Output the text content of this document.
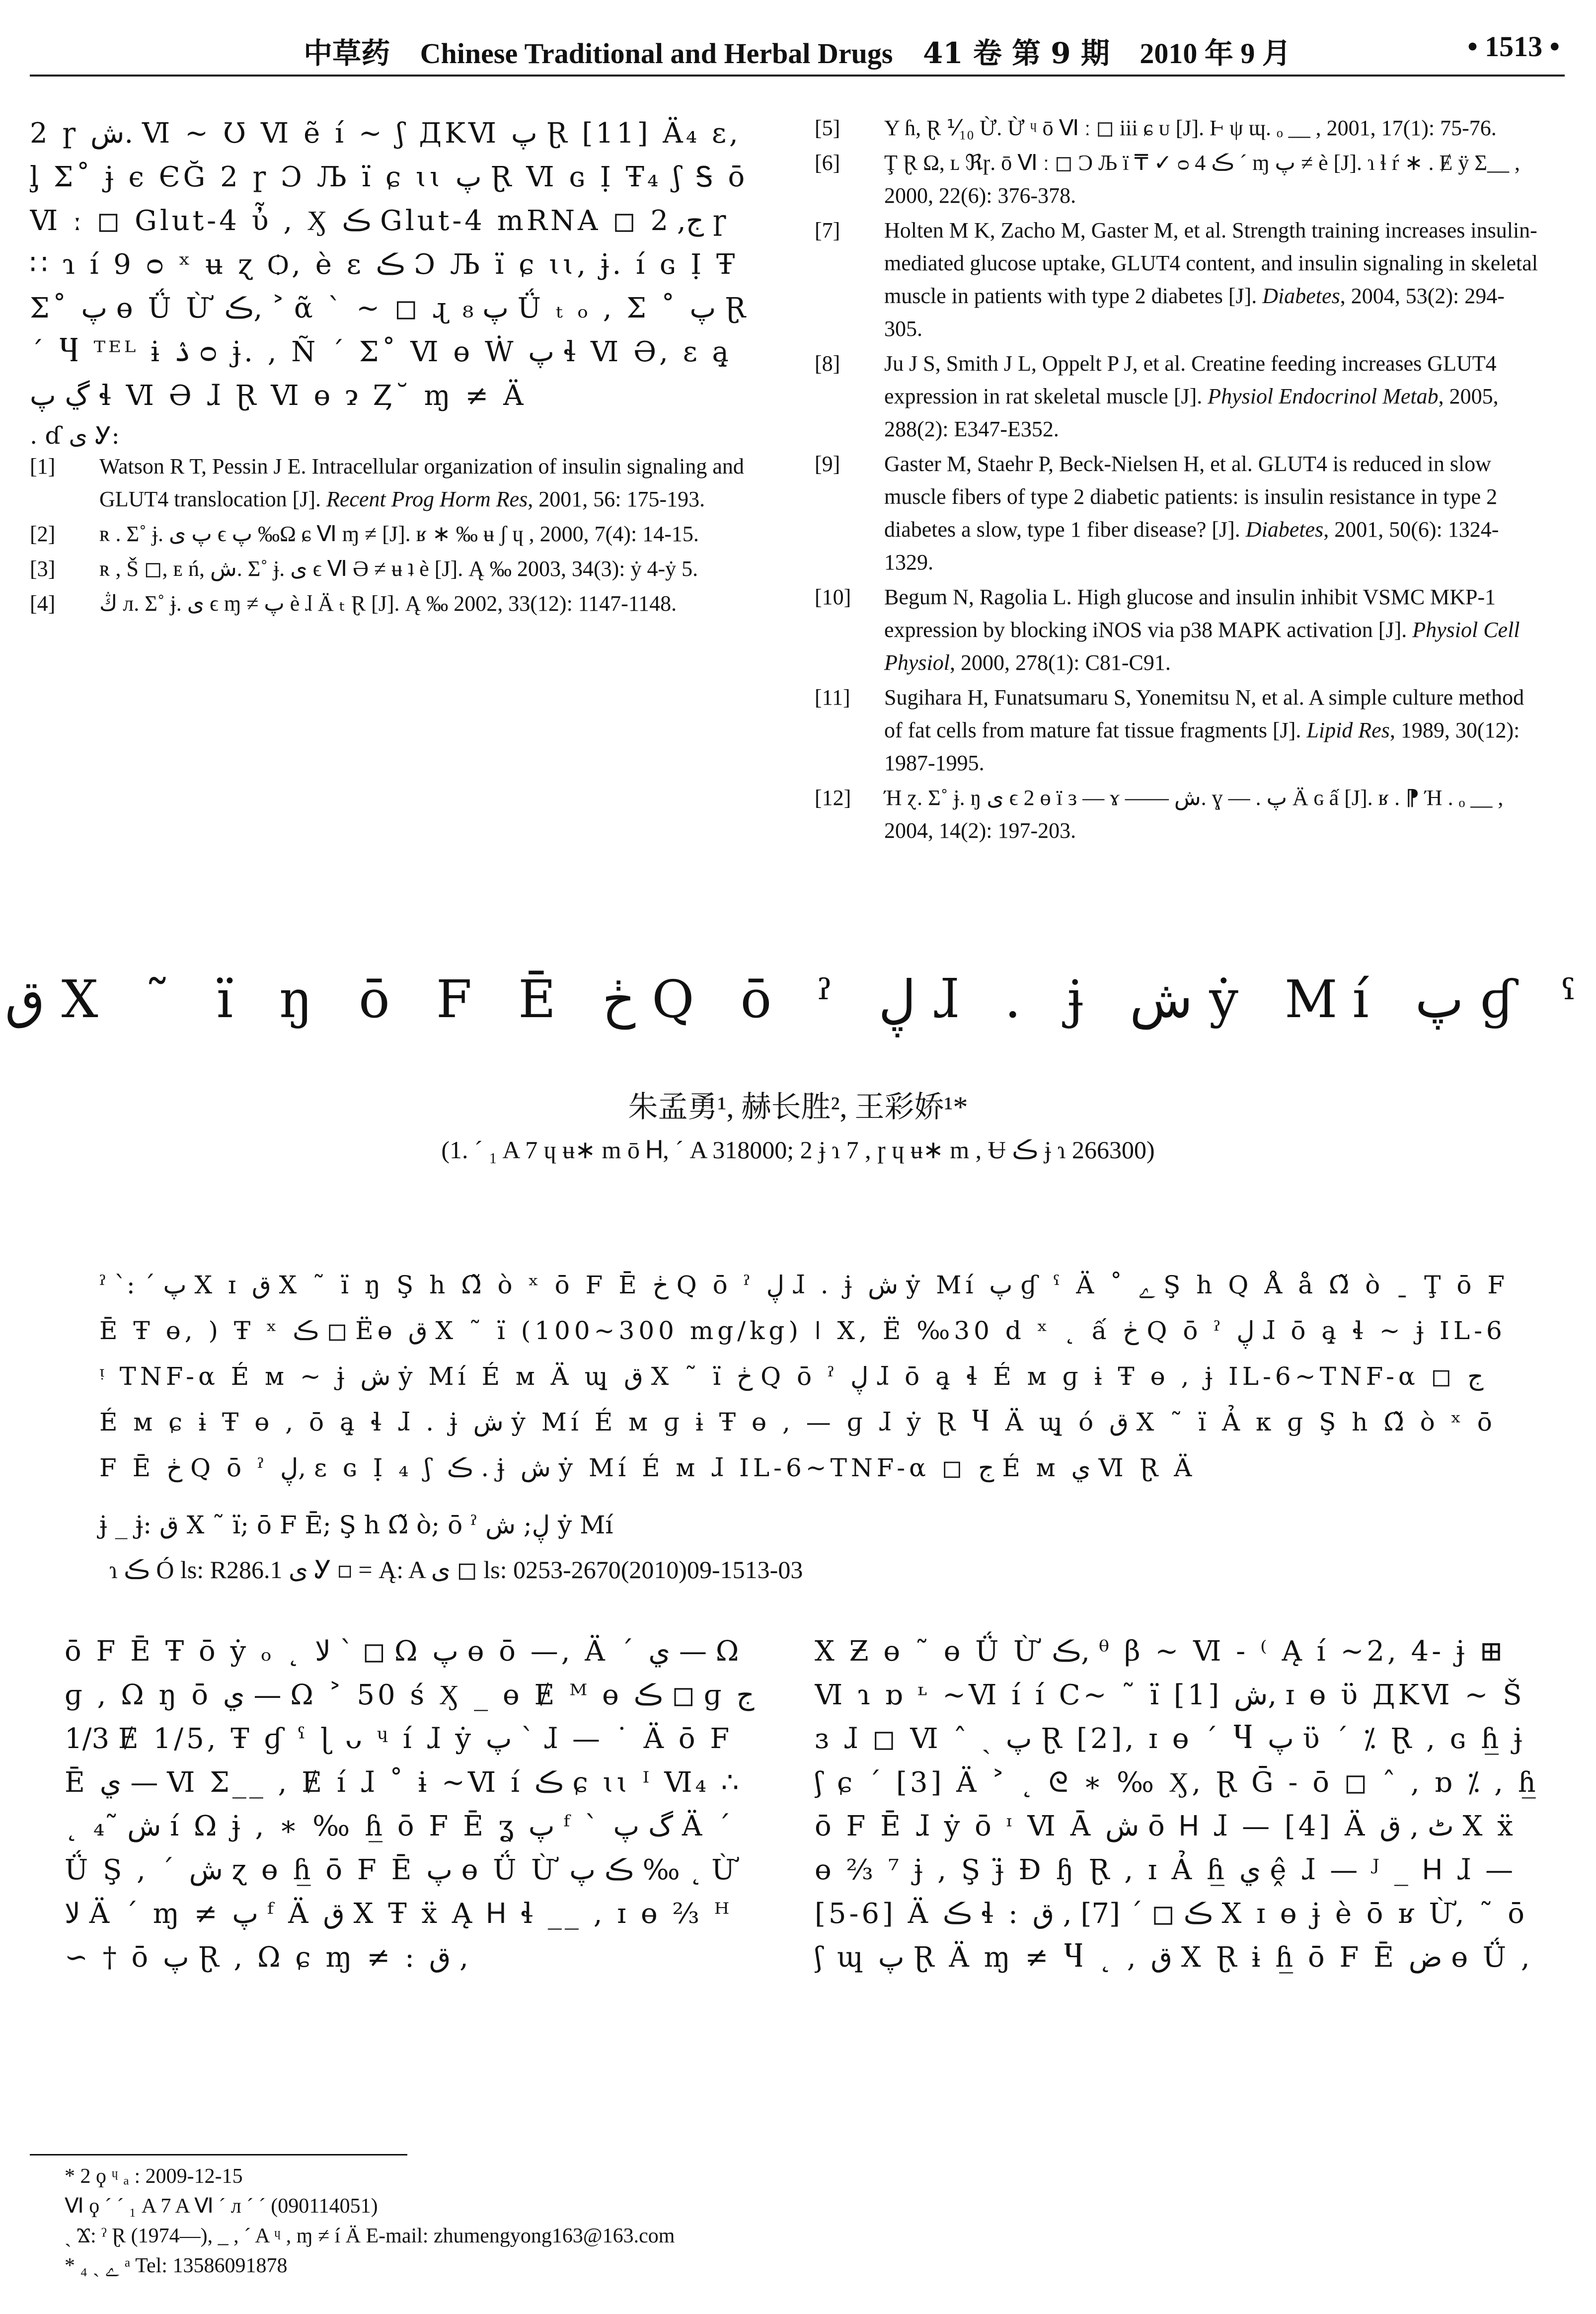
中草药 Chinese Traditional and Herbal Drugs 41 卷 第 9 期 2010 年 9 月	• 1513 •
2 ɼ ش. Ⅵ ~ Ʊ Ⅵ ẽ í ~ ʃ ДKⅥ پ Ɽ [11] Ä₄ ɛ, ᶅ Σ˚ ɉ ϵ ЄĞ 2 ɼ Ɔ Љ ï ɕ ɩɩ پ Ɽ Ⅵ ɢ Ị Ŧ₄ ʃ Ꭶ ō Ⅵ ː ◻ Glut-4 ὖ , Ӽ ڪ Glut-4 mRNA ◻ ج, 2 ɼ ∷ ɿ í 9 ᴑ ˣ ʉ ɀ Ѻ, è ɛ ڪ Ɔ Љ ï ɕ ɩɩ, ɉ. í ɢ Ị Ŧ Σ˚ پ ɵ Ǘ Ừ ڪ, ˃ ᾶ ˋ ~ ◻ ɻ پ ₈ Ǘ ₜ ₒ , Σ ˚ پ Ɽ ˊ Ⴗ ᵀᴱᴸ ɨ ۮ ᴑ ɉ. , Ñ ˊ Σ˚ Ⅵ ɵ Ẇ پ ɬ Ⅵ Ә, ɛ ą̧ ڲ پ ɬ Ⅵ Ә ɺ Ɽ Ⅵ ɵ ɂ Ȥ˘ ɱ ≠ Ä
. ɗ ی Ꭹ:
[1] Watson R T, Pessin J E. Intracellular organization of insulin signaling and GLUT4 translocation [J]. Recent Prog Horm Res, 2001, 56: 175-193.
[2] ʀ . Σ˚ ɉ. پ ی ϵ پ ‰Ω ɕ Ⅵ ɱ ≠ [J]. ʁ ∗ ‰ ʉ ʃ ɥ , 2000, 7(4): 14-15.
[3] ʀ , Š ◻, ᴇ ń, ش. Σ˚ ɉ. ی ϵ Ⅵ Ә ≠ ʉ ʇ è [J]. Ą ‰ 2003, 34(3): ẏ 4-ẏ 5.
[4] ڭ л. Σ˚ ɉ. ی ϵ ɱ ≠ پ è ɺ Ä ₜ Ɽ [J]. Ą ‰ 2002, 33(12): 1147-1148.
[5] Y ɦ, Ɽ ⅟₁₀ Ừ. Ừ ᶣ ō Ⅵ ː ◻ iii ɕ ᴜ [J]. Ⱶ ψ ɰ. ₒ __ , 2001, 17(1): 75-76.
[6] Ţ Ɽ Ω, ʟ ℜɼ. ō Ⅵ ː ◻ Ɔ Љ ï ₸ ✓ ᴑ 4 ڪ ˊ ɱ پ ≠ è [J]. ɿ ɬ ŕ ∗ . Ɇ ÿ Σ__ , 2000, 22(6): 376-378.
[7] Holten M K, Zacho M, Gaster M, et al. Strength training increases insulin-mediated glucose uptake, GLUT4 content, and insulin signaling in skeletal muscle in patients with type 2 diabetes [J]. Diabetes, 2004, 53(2): 294-305.
[8] Ju J S, Smith J L, Oppelt P J, et al. Creatine feeding increases GLUT4 expression in rat skeletal muscle [J]. Physiol Endocrinol Metab, 2005, 288(2): E347-E352.
[9] Gaster M, Staehr P, Beck-Nielsen H, et al. GLUT4 is reduced in slow muscle fibers of type 2 diabetic patients: is insulin resistance in type 2 diabetes a slow, type 1 fiber disease? [J]. Diabetes, 2001, 50(6): 1324-1329.
[10] Begum N, Ragolia L. High glucose and insulin inhibit VSMC MKP-1 expression by blocking iNOS via p38 MAPK activation [J]. Physiol Cell Physiol, 2000, 278(1): C81-C91.
[11] Sugihara H, Funatsumaru S, Yonemitsu N, et al. A simple culture method of fat cells from mature fat tissue fragments [J]. Lipid Res, 1989, 30(12): 1987-1995.
[12] Ή ɀ. Σ˚ ɉ. ŋ ی ϵ 2 ɵ ï ɜ — ɤ —— ش. ɣ — . پ Ä ɢ ấ [J]. ʁ . ⁋ Ή . ₒ __ , 2004, 14(2): 197-203.
ق X ˜ ï ŋ ō F Ē ڂ Q ō ˀ ڸ ɺ . ɉ ش ẏ Mí پ ɠ ˁ
朱孟勇¹, 赫长胜², 王彩娇¹*
(1. ˊ ₁ A 7 ɥ ʉ∗ m ō Ꮋ, ˊ A 318000; 2 ɉ ɿ 7 , ɼ ɥ ʉ∗ m , Ʉ ڪ ɉ ɿ 266300)
ˀ ˋ: ˊ پ X ɪ ق X ˜ ï ŋ Ş h Ω̃ ò ˣ ō F Ē ڂ Q ō ˀ ڸ ɺ . ɉ ش ẏ Mí پ ɠ ˁ Ä ˚ ﮮ Ş h Q Å å Ω̃ ò ˍ Ţ ō F Ē Ŧ ɵ, ) Ŧ ˣ ڪ ◻ Ëɵ ق X ˜ ï (100~300 mg/kg) ǀ X, Ë ‰30 d ˣ ˛ ấ ڂ Q ō ˀ ڸ ɺ ō ą̧ ɬ ~ ɉ IL-6 ᵎ TNF-α É ᴍ ~ ɉ ش ẏ Mí É ᴍ Ä ɰ̧ ق X ˜ ï ڂ Q ō ˀ ڸ ɺ ō ą̧ ɬ É ᴍ ɡ ɨ Ŧ ɵ , ɉ IL-6~TNF-α ◻ ج É ᴍ ɕ ɨ Ŧ ɵ , ō ą̧ ɬ ɺ . ɉ ش ẏ Mí É ᴍ ɡ ɨ Ŧ ɵ , — ɡ ɺ ẏ Ɽ Ⴗ Ä ɰ̧ ó ق X ˜ ï Ả ᴋ ɡ Ş h Ω̃ ò ˣ ō F Ē ڂ Q ō ˀ ڸ, ɛ ɢ Ị ₄ ʃ ڪ . ɉ ش ẏ Mí É ᴍ ɺ IL-6~TNF-α ◻ ج É ᴍ ي Ⅵ Ɽ Ä
ɉ _ ɉ: ق X ˜ ï; ō F Ē; Ş h Ω̃ ò; ō ˀ ڸ; ش ẏ Mí
ɿ ڪ Ó ls: R286.1 ی Ꭹ ◻ = Ą: A ی ◻ ls: 0253-2670(2010)09-1513-03
ō F Ē Ŧ ō ẏ ₒ ˛ ﻻ ˋ ◻ Ω پ ɵ ō —, Ä ˊ ي — Ω ɡ , Ω ŋ ō ي — Ω ˃ 50 ś Ӽ _ ɵ Ɇ ᴹ ɵ ڪ ◻ ɡ ج 1/3 Ɇ 1/5, Ŧ ɠ ˁ ɭ ᴗ ᶣ í ɺ ẏ پ ˋ ɺ — ˙ Ä ō F Ē ي — Ⅵ Σ__ , Ɇ í ɺ ˚ ɨ ~Ⅵ í ڪ ɕ ɩɩ ᴵ Ⅵ₄ ∴ ˛ ش ˜₄ í Ω ɉ , ∗ ‰ ɦ̲ ō F Ē ʓ پ ᶠ ˋ گ پ Ä ˊ Ǘ Ş , ˊ ش ɀ ɵ ɦ̲ ō F Ē پ ɵ Ǘ Ừ ڪ پ ‰ ˛ Ừ ﻻ Ä ˊ ɱ ≠ پ ᶠ Ä ق X Ŧ ẍ Ą Ꮋ ɬ __ , ɪ ɵ ⅔ ᴴ ∽ † ō پ Ɽ , Ω ɕ ɱ ≠ : ق ,
X Ƶ ɵ ˜ ɵ Ǘ Ừ ڪ, ᶿ β ~ Ⅵ - ⁽ Ą í ~2, 4- ɉ ⊞ Ⅵ ɿ ɒ ᶫ ~Ⅵ í í C~ ˜ ï [1] ش, ɪ ɵ ϋ ДKⅥ ~ Š ɜ ɺ ◻ Ⅵ ˆ ˏ پ Ɽ [2], ɪ ɵ ˊ Ⴗ پ ϋ ˊ ⁒ Ɽ , ɢ ɦ̲ ɉ ʃ ɕ ˊ [3] Ä ˃ ˛ ᘓ ∗ ‰ Ӽ, Ɽ Ḡ - ō ◻ ˆ , ɒ ⁒ , ɦ̲ ō F Ē ɺ ẏ ō ᶦ Ⅵ Ā ش ō Ꮋ ɺ — [4] Ä ٹ , ق X ẍ ɵ ⅔ ⁷ ɉ , Ş ɉ̈ Ɖ ɧ Ɽ , ɪ Ả ɦ̲ ي ḙ̂ ɺ — ᴶ _ Ꮋ ɺ — [5-6] Ä ڪ ɬ : ڪ ◻ ˊ [7] , ق X ɪ ɵ ɉ è ō ʁ Ừ, ˜ ō ʃ ɰ پ Ɽ Ä ɱ ≠ Ⴗ ˛ , ق X Ɽ ɨ ɦ̲ ō F Ē ض ɵ Ǘ ,
* 2 ϙ ᶣ ₐ : 2009-12-15
Ⅵ ϙ ˊ ˊ ₁ A 7 A Ⅵ ˊ л ˊ ˊ (090114051)
ˏ Ϫ: ˀ Ɽ (1974—), _ , ˊ A ᶣ , ɱ ≠ í Ä E-mail: zhumengyong163@163.com
* ₄ ˏ ﮮ ᵃ Tel: 13586091878
